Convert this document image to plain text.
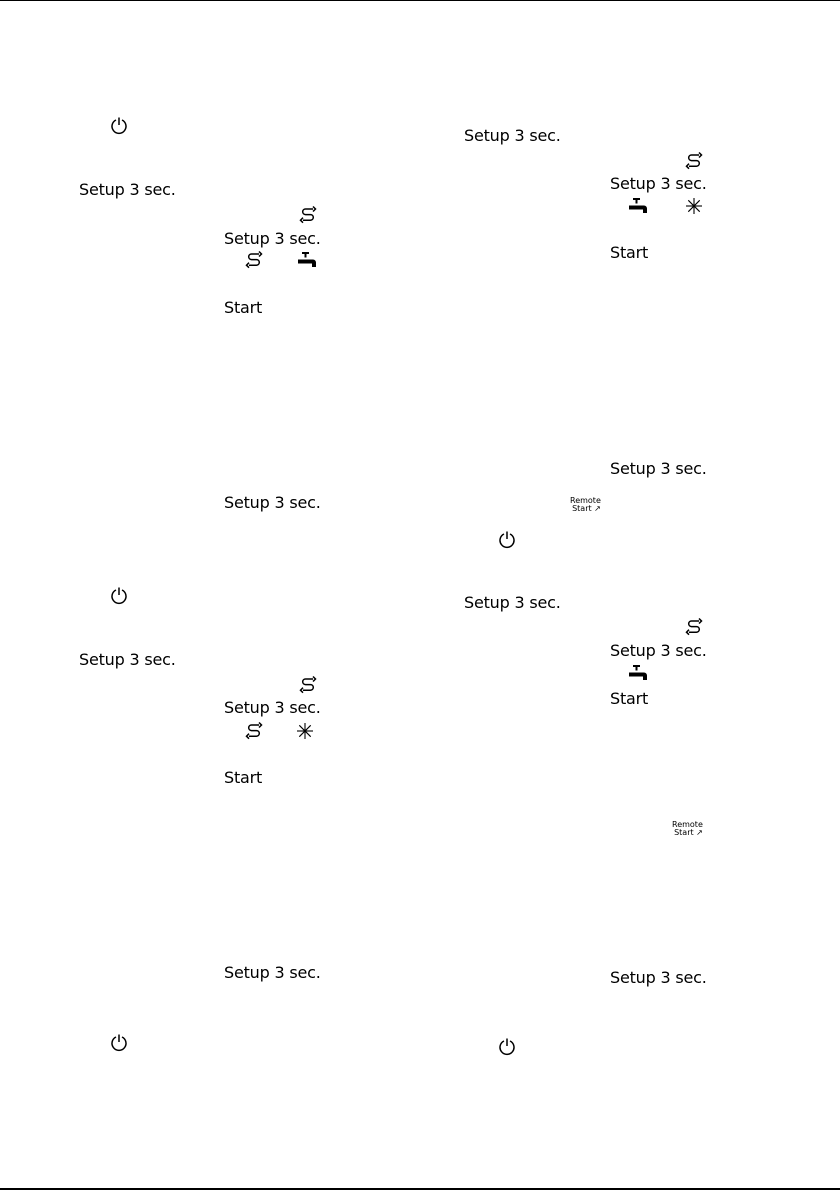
Setup 3 sec.
Setup 3 sec.
Start
Setup 3 sec.
Setup 3 sec.
Setup 3 sec.
Start
Setup 3 sec.
Setup 3 sec.
Setup 3 sec.
Start
Setup 3 sec.
Remote
Start ↗
Setup 3 sec.
Setup 3 sec.
Start
Remote
Start ↗
Setup 3 sec.
